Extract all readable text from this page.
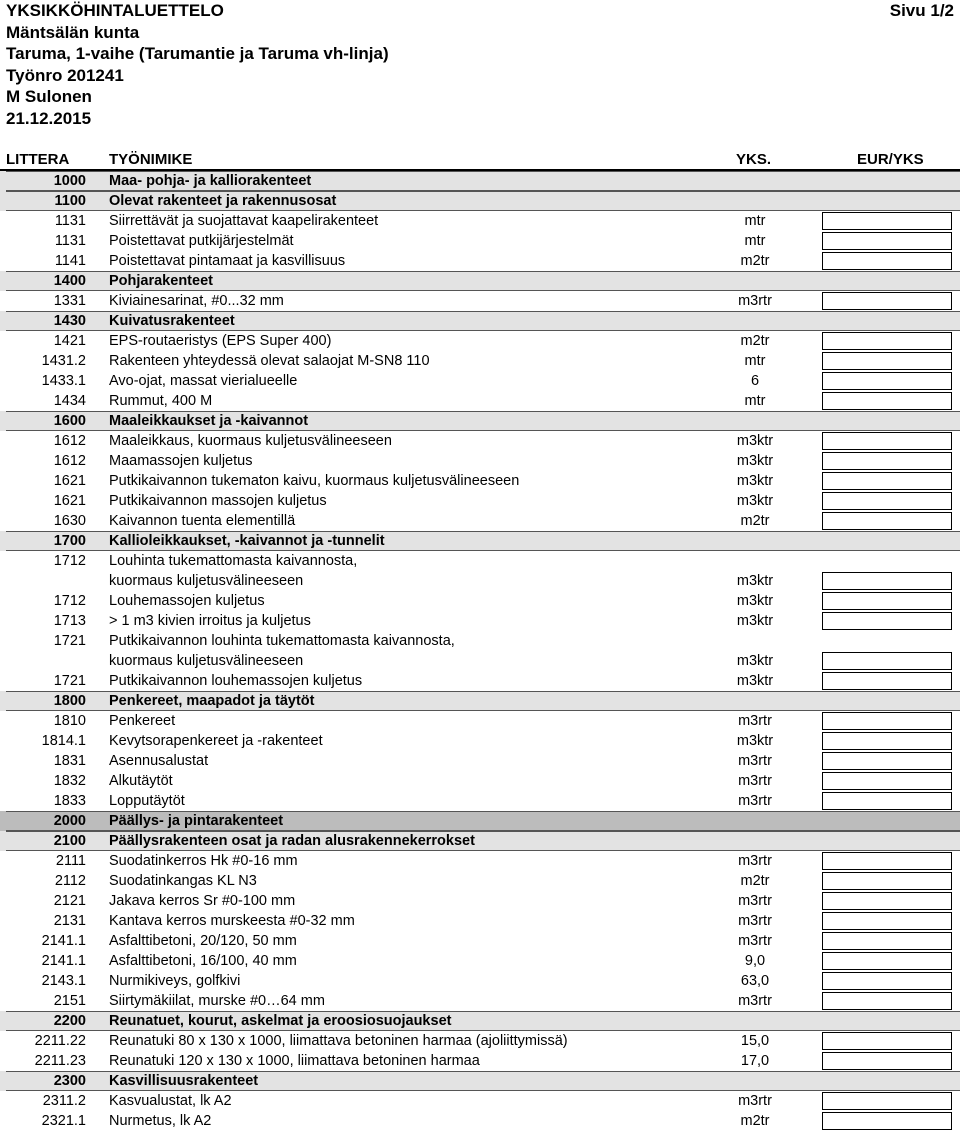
YKSIKKÖHINTALUETTELO
Mäntsälän kunta
Taruma, 1-vaihe (Tarumantie ja Taruma vh-linja)
Työnro 201241
M Sulonen
21.12.2015
Sivu 1/2
LITTERA	TYÖNIMIKE	YKS.	EUR/YKS
1000 Maa- pohja- ja kalliorakenteet
1100 Olevat rakenteet ja rakennusosat
1131 Siirrettävät ja suojattavat kaapelirakenteet	mtr
1131 Poistettavat putkijärjestelmät	mtr
1141 Poistettavat pintamaat ja kasvillisuus	m2tr
1400 Pohjarakenteet
1331 Kiviainesarinat, #0...32 mm	m3rtr
1430 Kuivatusrakenteet
1421 EPS-routaeristys (EPS Super 400)	m2tr
1431.2 Rakenteen yhteydessä olevat salaojat M-SN8 110	mtr
1433.1 Avo-ojat, massat vierialueelle	6
1434 Rummut, 400 M	mtr
1600 Maaleikkaukset ja -kaivannot
1612 Maaleikkaus, kuormaus kuljetusvälineeseen	m3ktr
1612 Maamassojen kuljetus	m3ktr
1621 Putkikaivannon tukematon kaivu, kuormaus kuljetusvälineeseen	m3ktr
1621 Putkikaivannon massojen kuljetus	m3ktr
1630 Kaivannon tuenta elementillä	m2tr
1700 Kallioleikkaukset, -kaivannot ja -tunnelit
1712 Louhinta tukemattomasta kaivannosta,
kuormaus kuljetusvälineeseen	m3ktr
1712 Louhemassojen kuljetus	m3ktr
1713 > 1 m3 kivien irroitus ja kuljetus	m3ktr
1721 Putkikaivannon louhinta tukemattomasta kaivannosta,
kuormaus kuljetusvälineeseen	m3ktr
1721 Putkikaivannon louhemassojen kuljetus	m3ktr
1800 Penkereet, maapadot ja täytöt
1810 Penkereet	m3rtr
1814.1 Kevytsorapenkereet ja -rakenteet	m3ktr
1831 Asennusalustat	m3rtr
1832 Alkutäytöt	m3rtr
1833 Lopputäytöt	m3rtr
2000 Päällys- ja pintarakenteet
2100 Päällysrakenteen osat ja radan alusrakennekerrokset
2111 Suodatinkerros Hk #0-16 mm	m3rtr
2112 Suodatinkangas KL N3	m2tr
2121 Jakava kerros Sr #0-100 mm	m3rtr
2131 Kantava kerros murskeesta #0-32 mm	m3rtr
2141.1 Asfalttibetoni, 20/120, 50 mm	m3rtr
2141.1 Asfalttibetoni, 16/100, 40 mm	9,0
2143.1 Nurmikiveys, golfkivi	63,0
2151 Siirtymäkiilat, murske #0…64 mm	m3rtr
2200 Reunatuet, kourut, askelmat ja eroosiosuojaukset
2211.22 Reunatuki 80 x 130 x 1000, liimattava betoninen harmaa (ajoliittymissä)	15,0
2211.23 Reunatuki 120 x 130 x 1000, liimattava betoninen harmaa	17,0
2300 Kasvillisuusrakenteet
2311.2 Kasvualustat, lk A2	m3rtr
2321.1 Nurmetus, lk A2	m2tr
